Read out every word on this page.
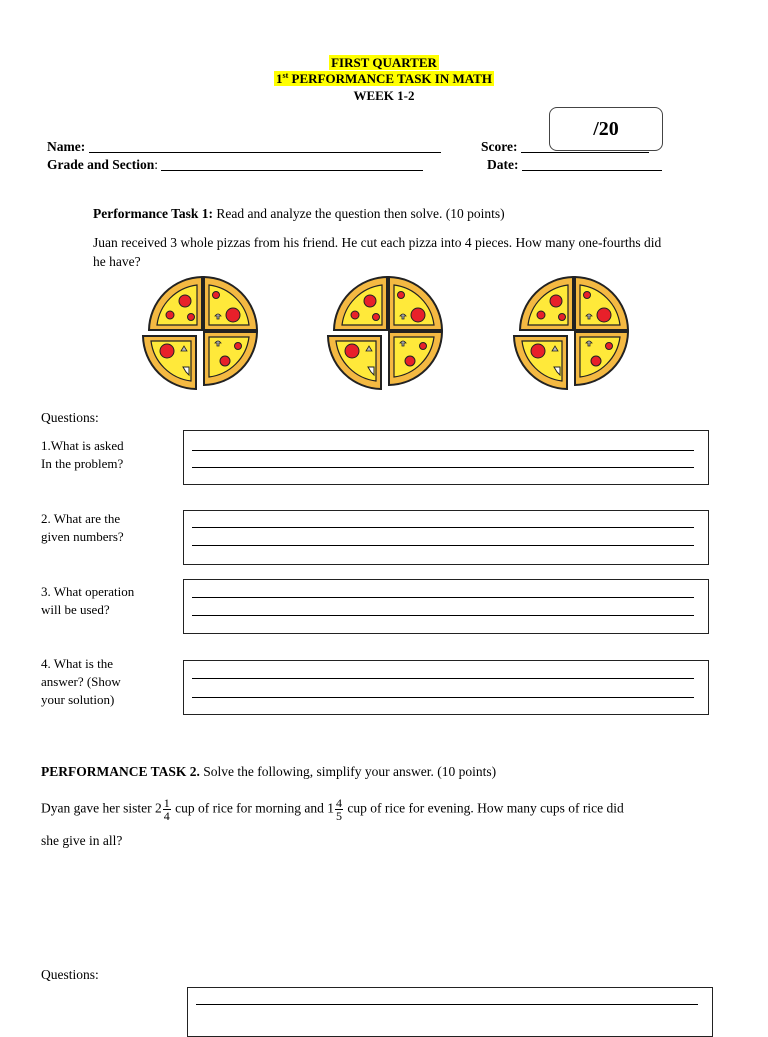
FIRST QUARTER
1st PERFORMANCE TASK IN MATH
WEEK 1-2
/20
Name:
Grade and Section:
Score:
Date:
Performance Task 1: Read and analyze the question then solve. (10 points)
Juan received 3 whole pizzas from his friend. He cut each pizza into 4 pieces. How many one-fourths did he have?
Questions:
1.What is asked
In the problem?
2. What are the
given numbers?
3. What operation
will be used?
4. What is the
answer? (Show
your solution)
PERFORMANCE TASK 2. Solve the following, simplify your answer. (10 points)
Dyan gave her sister $2 \frac{1}{4}$ cup of rice for morning and $1 \frac{4}{5}$ cup of rice for evening. How many cups of rice did
she give in all?
Questions:
